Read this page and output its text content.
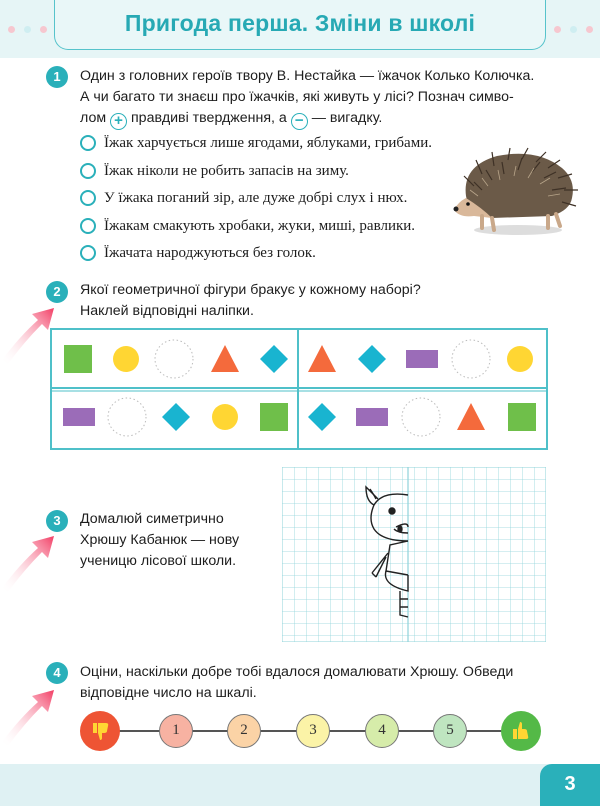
Пригода перша. Зміни в школі
1	Один з головних героїв твору В. Нестайка — їжачок Колько Колючка.
А чи багато ти знаєш про їжачків, які живуть у лісі? Познач симво-
лом + правдиві твердження, а − — вигадку.
Їжак харчується лише ягодами, яблуками, грибами.
Їжак ніколи не робить запасів на зиму.
У їжака поганий зір, але дуже добрі слух і нюх.
Їжакам смакують хробаки, жуки, миші, равлики.
Їжачата народжуються без голок.
2	Якої геометричної фігури бракує у кожному наборі?
Наклей відповідні наліпки.
3	Домалюй симетрично
Хрюшу Кабанюк — нову
ученицю лісової школи.
4	Оціни, наскільки добре тобі вдалося домалювати Хрюшу. Обведи
відповідне число на шкалі.
1	2	3	4	5
3
